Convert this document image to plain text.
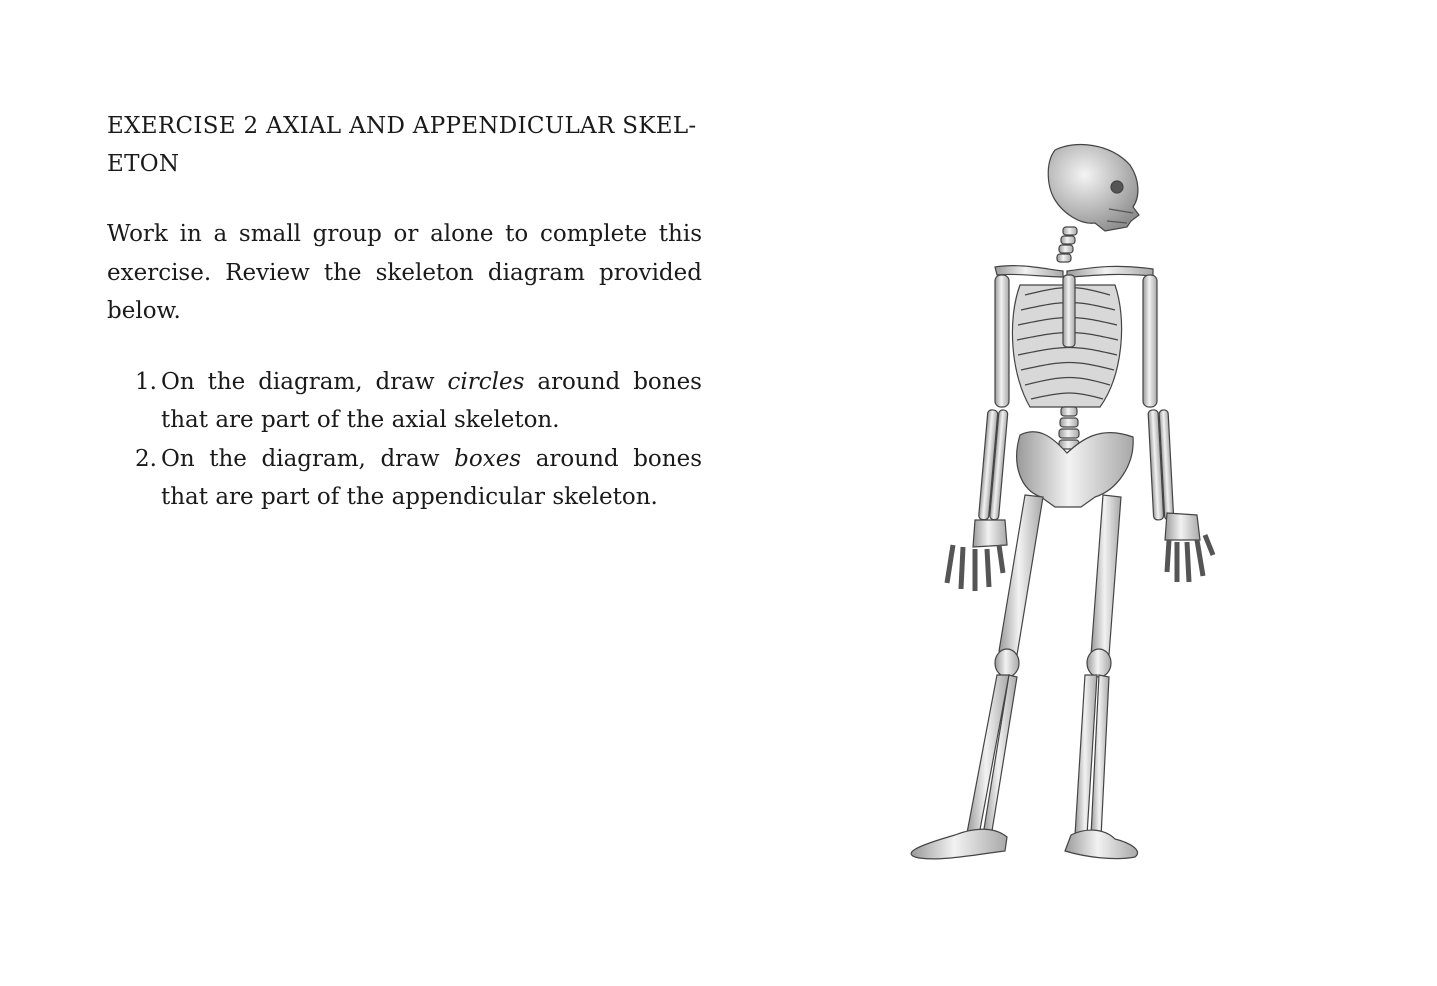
EXERCISE 2 AXIAL AND APPENDICULAR SKEL-
ETON

Work in a small group or alone to complete this exercise. Review the skeleton diagram provided below.

1. On the diagram, draw circles around bones that are part of the axial skeleton.
2. On the diagram, draw boxes around bones that are part of the appendicular skeleton.
